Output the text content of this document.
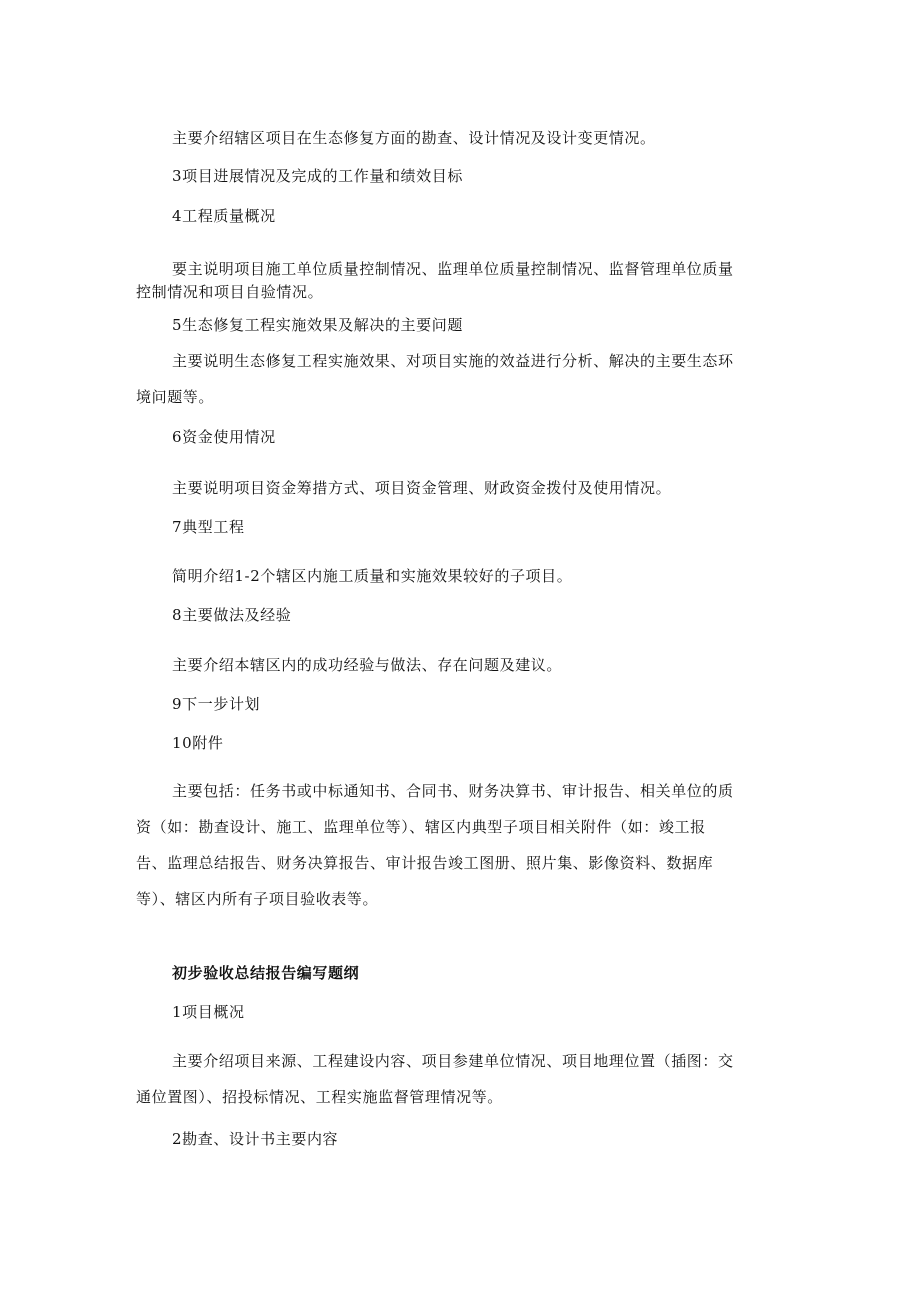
主要介绍辖区项目在生态修复方面的勘查、设计情况及设计变更情况。
3项目进展情况及完成的工作量和绩效目标
4工程质量概况
要主说明项目施工单位质量控制情况、监理单位质量控制情况、监督管理单位质量
控制情况和项目自验情况。
5生态修复工程实施效果及解决的主要问题
主要说明生态修复工程实施效果、对项目实施的效益进行分析、解决的主要生态环
境问题等。
6资金使用情况
主要说明项目资金筹措方式、项目资金管理、财政资金拨付及使用情况。
7典型工程
简明介绍1-2个辖区内施工质量和实施效果较好的子项目。
8主要做法及经验
主要介绍本辖区内的成功经验与做法、存在问题及建议。
9下一步计划
10附件
主要包括：任务书或中标通知书、合同书、财务决算书、审计报告、相关单位的质
资（如：勘查设计、施工、监理单位等）、辖区内典型子项目相关附件（如：竣工报
告、监理总结报告、财务决算报告、审计报告竣工图册、照片集、影像资料、数据库
等）、辖区内所有子项目验收表等。
初步验收总结报告编写题纲
1项目概况
主要介绍项目来源、工程建设内容、项目参建单位情况、项目地理位置（插图：交
通位置图）、招投标情况、工程实施监督管理情况等。
2勘查、设计书主要内容
